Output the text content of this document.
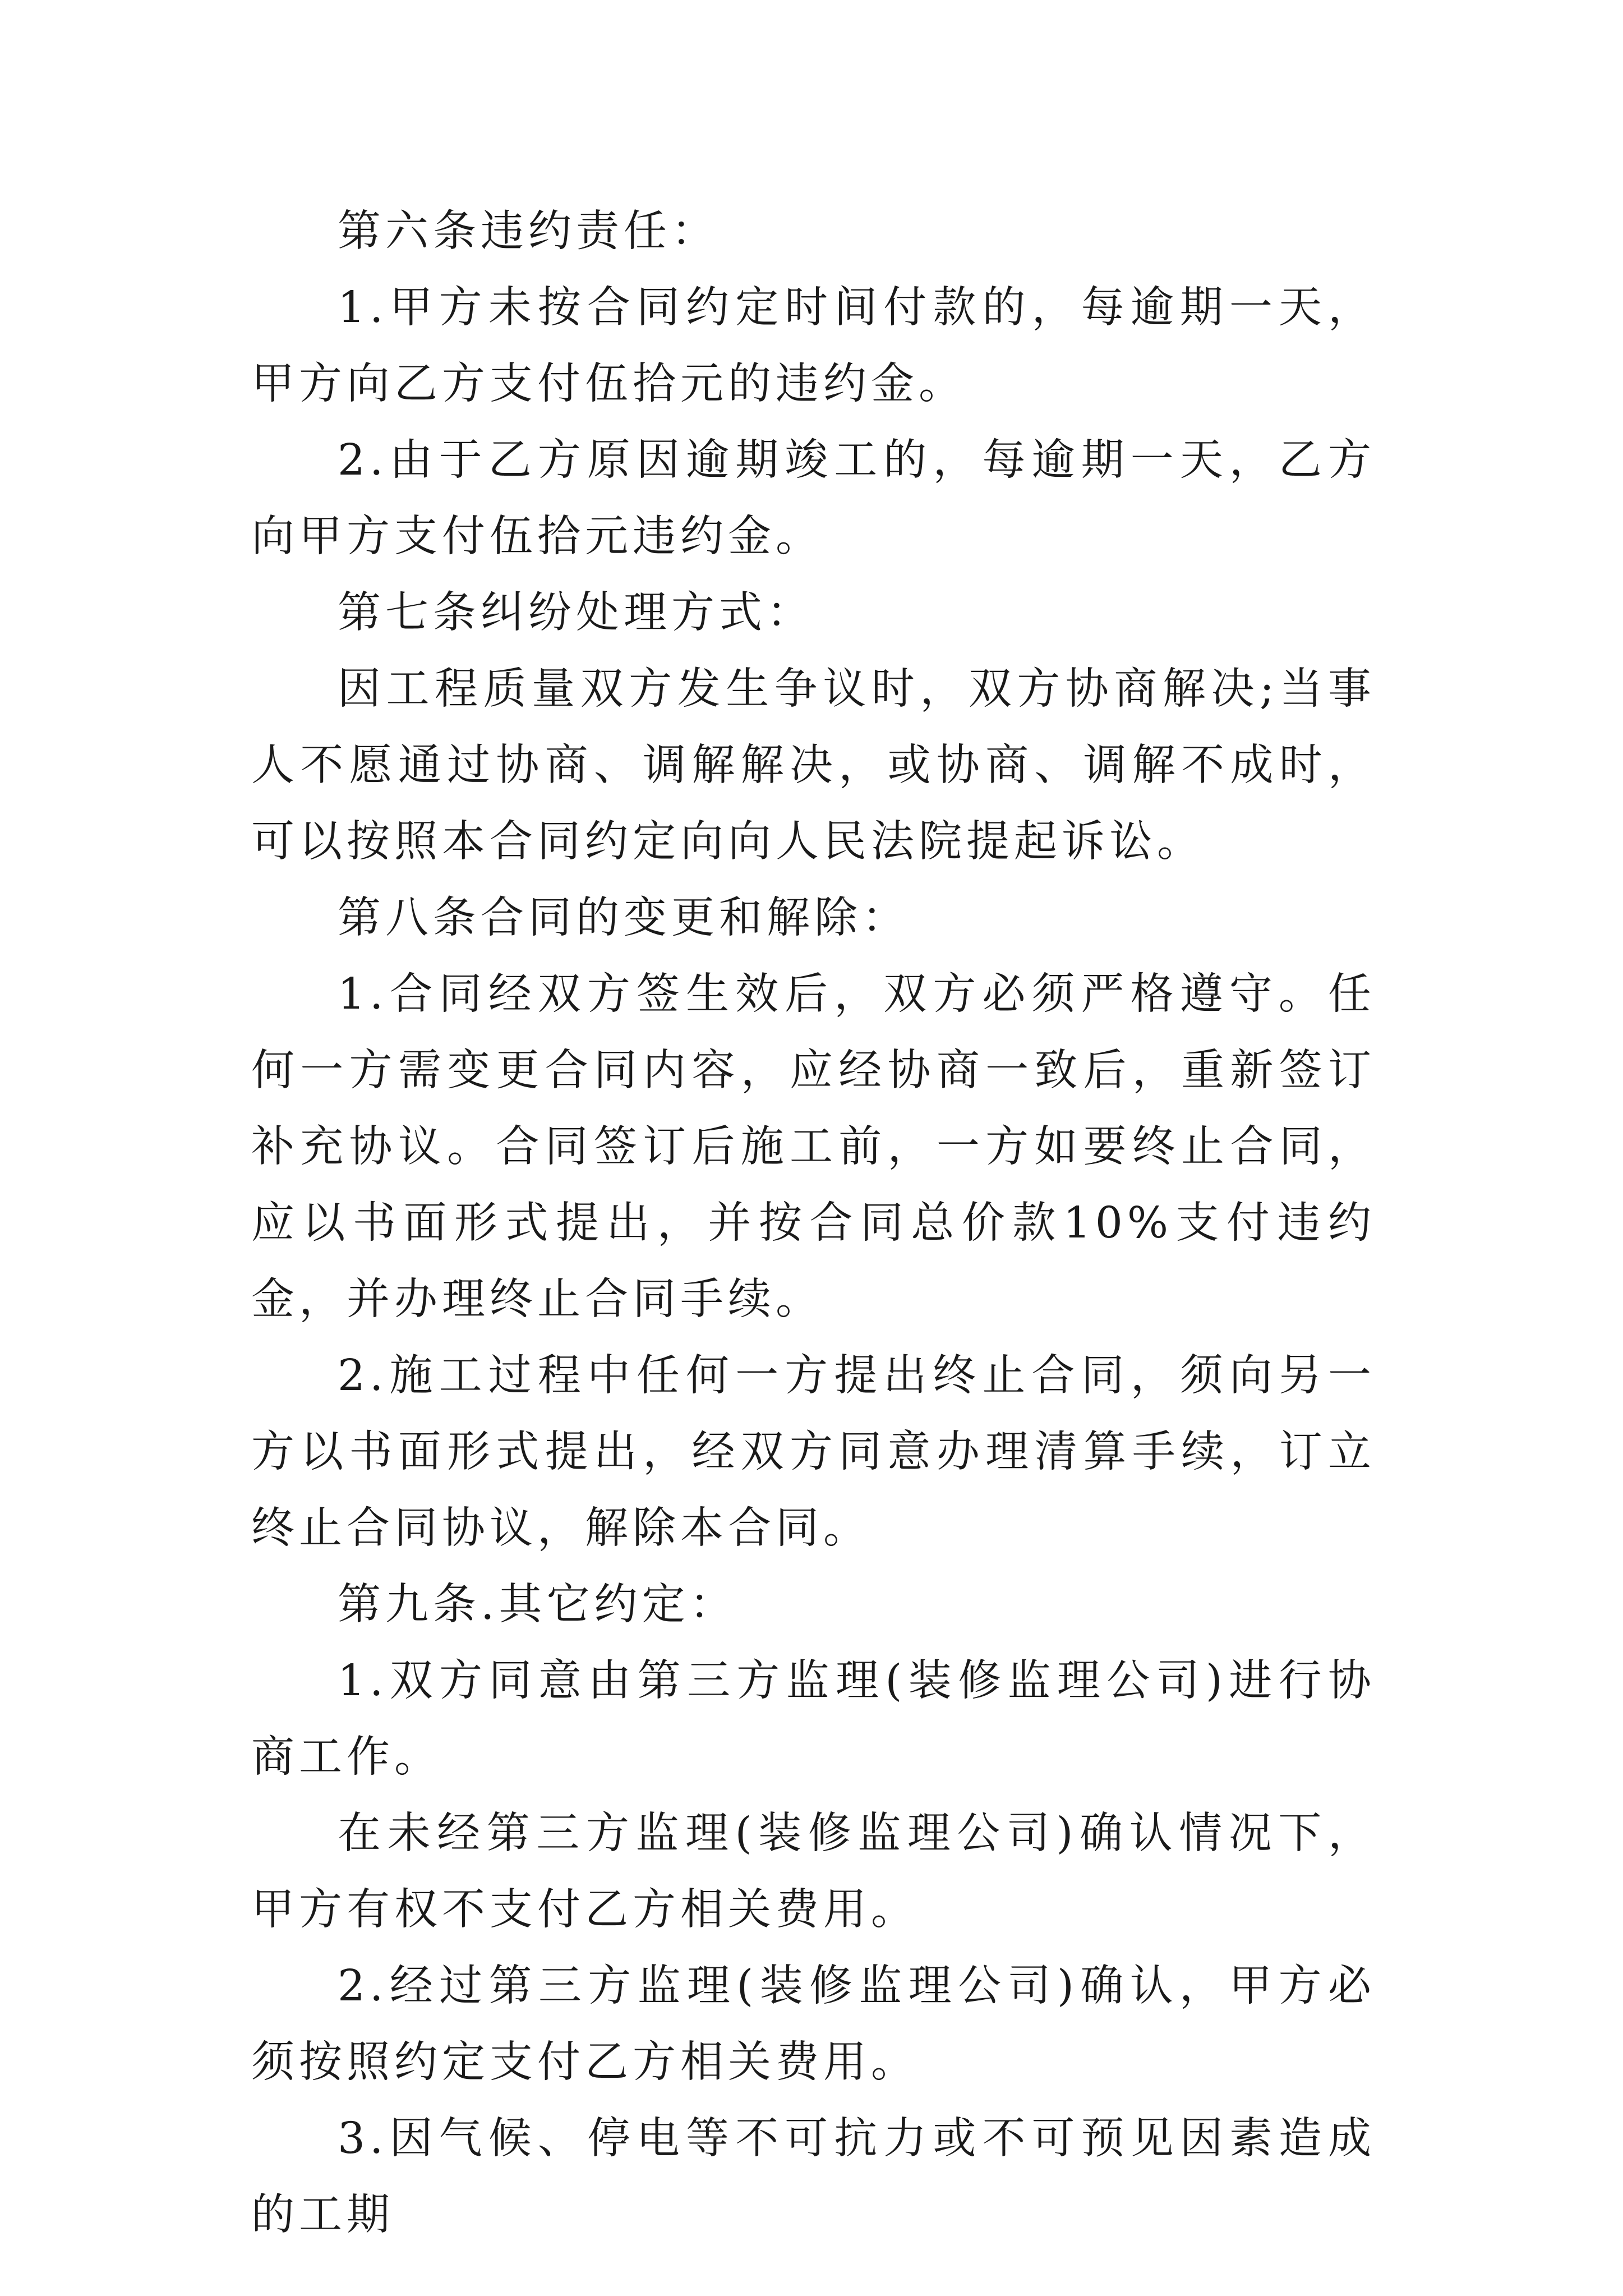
第六条违约责任：

1.甲方未按合同约定时间付款的，每逾期一天，甲方向乙方支付伍拾元的违约金。

2.由于乙方原因逾期竣工的，每逾期一天，乙方向甲方支付伍拾元违约金。

第七条纠纷处理方式：

因工程质量双方发生争议时，双方协商解决;当事人不愿通过协商、调解解决，或协商、调解不成时，可以按照本合同约定向向人民法院提起诉讼。

第八条合同的变更和解除：

1.合同经双方签生效后，双方必须严格遵守。任何一方需变更合同内容，应经协商一致后，重新签订补充协议。合同签订后施工前，一方如要终止合同，应以书面形式提出，并按合同总价款10%支付违约金，并办理终止合同手续。

2.施工过程中任何一方提出终止合同，须向另一方以书面形式提出，经双方同意办理清算手续，订立终止合同协议，解除本合同。

第九条.其它约定：

1.双方同意由第三方监理(装修监理公司)进行协商工作。

在未经第三方监理(装修监理公司)确认情况下，甲方有权不支付乙方相关费用。

2.经过第三方监理(装修监理公司)确认，甲方必须按照约定支付乙方相关费用。

3.因气候、停电等不可抗力或不可预见因素造成的工期
